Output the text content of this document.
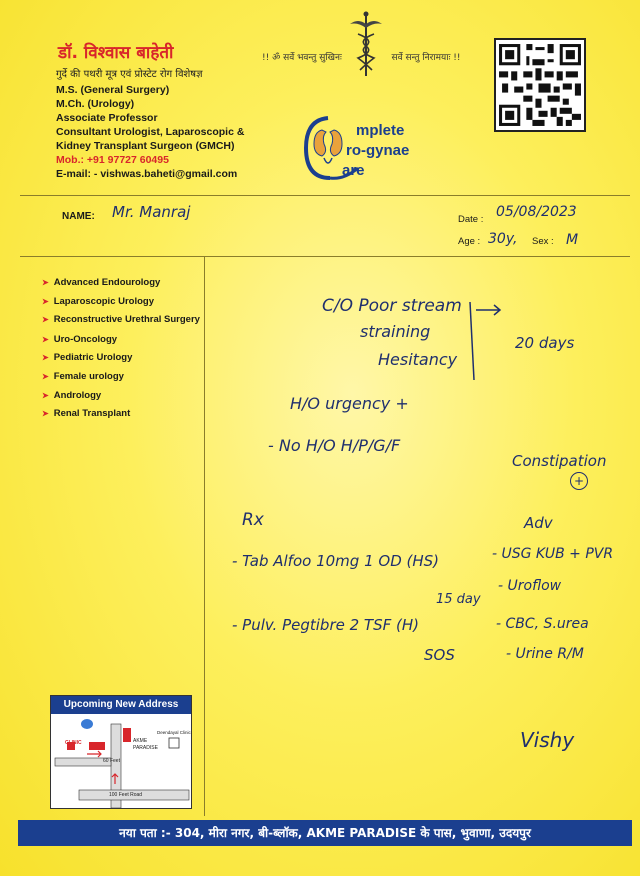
डॉ. विश्वास बाहेती
गुर्दे की पथरी मूत्र एवं प्रोस्टेट रोग विशेषज्ञ
M.S. (General Surgery)
M.Ch. (Urology)
Associate Professor
Consultant Urologist, Laparoscopic &
Kidney Transplant Surgeon (GMCH)
Mob.: +91 97727 60495
E-mail: - vishwas.baheti@gmail.com
!! ॐ सर्वे भवन्तु सुखिनः	सर्वे सन्तु निरामयाः !!
mplete
ro-gynae
are
NAME: Mr. Manraj	Date : 05/08/2023
Age : 30y, Sex : M
➤ Advanced Endourology
➤ Laparoscopic Urology
➤ Reconstructive Urethral Surgery
➤ Uro-Oncology
➤ Pediatric Urology
➤ Female urology
➤ Andrology
➤ Renal Transplant
C/O Poor stream
straining
Hesitancy
20 days
H/O urgency +
- No H/O H/P/G/F
Constipation
+
Rx	Adv
- Tab Alfoo 10mg 1 OD (HS)
15 day
- Pulv. Pegtibre 2 TSF (H)
SOS
- USG KUB + PVR
- Uroflow
- CBC, S.urea
- Urine R/M
Vishy
Upcoming New Address
CLINIC	AKME
PARADISE
Deendayal Clinic
60 Feet
100 Feet Road
नया पता :- 304, मीरा नगर, बी-ब्लॉक, AKME PARADISE के पास, भुवाणा, उदयपुर
